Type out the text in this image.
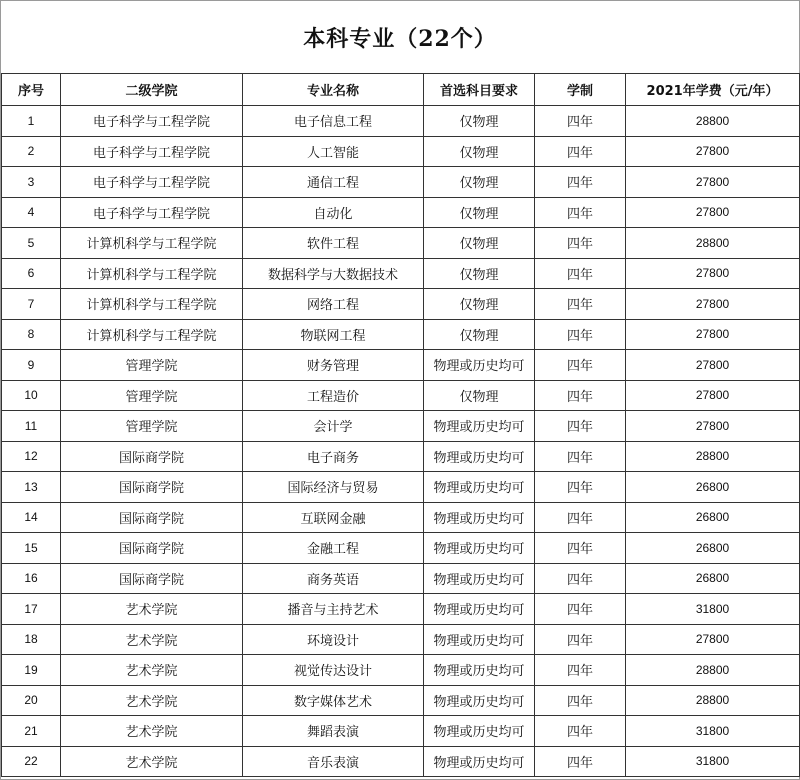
本科专业（22个）
序号	二级学院	专业名称	首选科目要求	学制	2021年学费（元/年）
1	电子科学与工程学院	电子信息工程	仅物理	四年	28800
2	电子科学与工程学院	人工智能	仅物理	四年	27800
3	电子科学与工程学院	通信工程	仅物理	四年	27800
4	电子科学与工程学院	自动化	仅物理	四年	27800
5	计算机科学与工程学院	软件工程	仅物理	四年	28800
6	计算机科学与工程学院	数据科学与大数据技术	仅物理	四年	27800
7	计算机科学与工程学院	网络工程	仅物理	四年	27800
8	计算机科学与工程学院	物联网工程	仅物理	四年	27800
9	管理学院	财务管理	物理或历史均可	四年	27800
10	管理学院	工程造价	仅物理	四年	27800
11	管理学院	会计学	物理或历史均可	四年	27800
12	国际商学院	电子商务	物理或历史均可	四年	28800
13	国际商学院	国际经济与贸易	物理或历史均可	四年	26800
14	国际商学院	互联网金融	物理或历史均可	四年	26800
15	国际商学院	金融工程	物理或历史均可	四年	26800
16	国际商学院	商务英语	物理或历史均可	四年	26800
17	艺术学院	播音与主持艺术	物理或历史均可	四年	31800
18	艺术学院	环境设计	物理或历史均可	四年	27800
19	艺术学院	视觉传达设计	物理或历史均可	四年	28800
20	艺术学院	数字媒体艺术	物理或历史均可	四年	28800
21	艺术学院	舞蹈表演	物理或历史均可	四年	31800
22	艺术学院	音乐表演	物理或历史均可	四年	31800
